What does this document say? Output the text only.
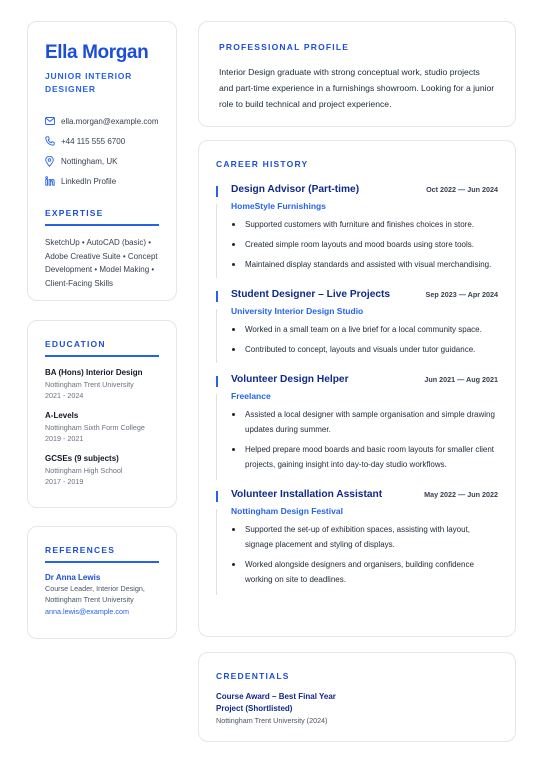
Ella Morgan
JUNIOR INTERIOR
DESIGNER
ella.morgan@example.com
+44 115 555 6700
Nottingham, UK
LinkedIn Profile
EXPERTISE
SketchUp • AutoCAD (basic) • Adobe Creative Suite • Concept Development • Model Making • Client-Facing Skills
EDUCATION
BA (Hons) Interior Design
Nottingham Trent University
2021 - 2024
A-Levels
Nottingham Sixth Form College
2019 - 2021
GCSEs (9 subjects)
Nottingham High School
2017 - 2019
REFERENCES
Dr Anna Lewis
Course Leader, Interior Design,
Nottingham Trent University
anna.lewis@example.com
PROFESSIONAL PROFILE
Interior Design graduate with strong conceptual work, studio projects and part-time experience in a furnishings showroom. Looking for a junior role to build technical and project experience.
CAREER HISTORY
Design Advisor (Part-time)	Oct 2022 — Jun 2024
HomeStyle Furnishings
Supported customers with furniture and finishes choices in store.
Created simple room layouts and mood boards using store tools.
Maintained display standards and assisted with visual merchandising.
Student Designer – Live Projects	Sep 2023 — Apr 2024
University Interior Design Studio
Worked in a small team on a live brief for a local community space.
Contributed to concept, layouts and visuals under tutor guidance.
Volunteer Design Helper	Jun 2021 — Aug 2021
Freelance
Assisted a local designer with sample organisation and simple drawing updates during summer.
Helped prepare mood boards and basic room layouts for smaller client projects, gaining insight into day-to-day studio workflows.
Volunteer Installation Assistant	May 2022 — Jun 2022
Nottingham Design Festival
Supported the set-up of exhibition spaces, assisting with layout, signage placement and styling of displays.
Worked alongside designers and organisers, building confidence working on site to deadlines.
CREDENTIALS
Course Award – Best Final Year Project (Shortlisted)
Nottingham Trent University (2024)
